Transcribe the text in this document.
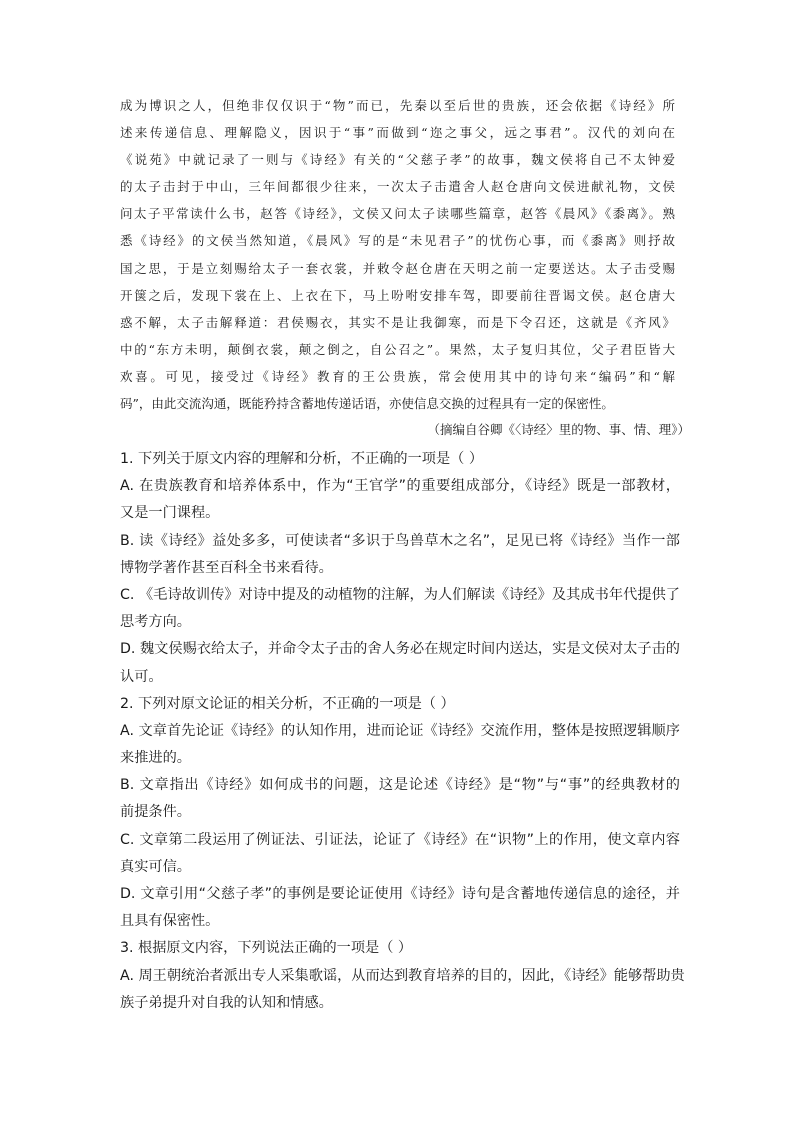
成为博识之人，但绝非仅仅识于“物”而已，先秦以至后世的贵族，还会依据《诗经》所
述来传递信息、理解隐义，因识于“事”而做到“迩之事父，远之事君”。汉代的刘向在
《说苑》中就记录了一则与《诗经》有关的“父慈子孝”的故事，魏文侯将自己不太钟爱
的太子击封于中山，三年间都很少往来，一次太子击遣舍人赵仓唐向文侯进献礼物，文侯
问太子平常读什么书，赵答《诗经》，文侯又问太子读哪些篇章，赵答《晨风》《黍离》。熟
悉《诗经》的文侯当然知道，《晨风》写的是“未见君子”的忧伤心事，而《黍离》则抒故
国之思，于是立刻赐给太子一套衣裳，并敕令赵仓唐在天明之前一定要送达。太子击受赐
开箧之后，发现下裳在上、上衣在下，马上吩咐安排车驾，即要前往晋谒文侯。赵仓唐大
惑不解，太子击解释道：君侯赐衣，其实不是让我御寒，而是下令召还，这就是《齐风》
中的“东方未明，颠倒衣裳，颠之倒之，自公召之”。果然，太子复归其位，父子君臣皆大
欢喜。可见，接受过《诗经》教育的王公贵族，常会使用其中的诗句来“编码”和“解
码”，由此交流沟通，既能矜持含蓄地传递话语，亦使信息交换的过程具有一定的保密性。
（摘编自谷卿《〈诗经〉里的物、事、情、理》）
1. 下列关于原文内容的理解和分析，不正确的一项是（ ）
A. 在贵族教育和培养体系中，作为“王官学”的重要组成部分，《诗经》既是一部教材，
又是一门课程。
B. 读《诗经》益处多多，可使读者“多识于鸟兽草木之名”，足见已将《诗经》当作一部
博物学著作甚至百科全书来看待。
C. 《毛诗故训传》对诗中提及的动植物的注解，为人们解读《诗经》及其成书年代提供了
思考方向。
D. 魏文侯赐衣给太子，并命令太子击的舍人务必在规定时间内送达，实是文侯对太子击的
认可。
2. 下列对原文论证的相关分析，不正确的一项是（ ）
A. 文章首先论证《诗经》的认知作用，进而论证《诗经》交流作用，整体是按照逻辑顺序
来推进的。
B. 文章指出《诗经》如何成书的问题，这是论述《诗经》是“物”与“事”的经典教材的
前提条件。
C. 文章第二段运用了例证法、引证法，论证了《诗经》在“识物”上的作用，使文章内容
真实可信。
D. 文章引用“父慈子孝”的事例是要论证使用《诗经》诗句是含蓄地传递信息的途径，并
且具有保密性。
3. 根据原文内容，下列说法正确的一项是（ ）
A. 周王朝统治者派出专人采集歌谣，从而达到教育培养的目的，因此，《诗经》能够帮助贵
族子弟提升对自我的认知和情感。
